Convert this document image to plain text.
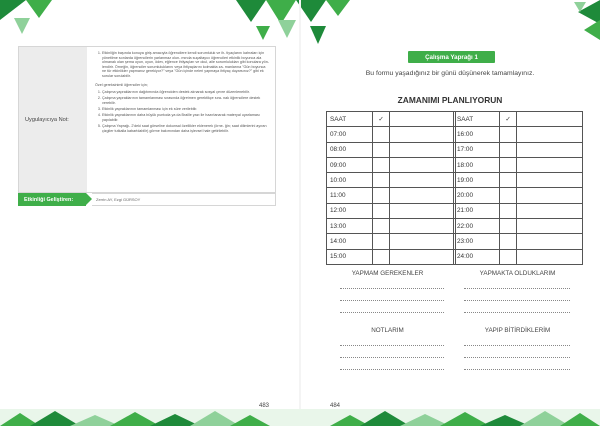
Uygulayıcıya Not:
1. Etkinliğin başında konuya giriş amacıyla öğrencilere kendi sorumluluk ve ih- tiyaçlarını kahraları için yönetilme sonlarda öğrencilerin yarlanmaz olun- mında suçaltayıcı öğrencileri etkinlik boyunca ala olmanak olan şema oyun, oyun, ödev, eğlence ihtiyaçları ve okul, aile sorumlulukları gibi konulara yön- lendirir. Örneğin, öğrenciler sorumluluklarını veya ihtiyaçlarını kolmakta za- manlarına "Gün boyunca ne tür etkinlikler yapmanız gerekiyor?" veya "Gün içinde neleri yapmaya ihtiyaç duyarsınız?" gibi ek sorular sorulabilir.
Özel gereksinimli öğrenciler için;
1. Çalışma yapraklarının dağıtımında öğrenciden destek alınarak sosyal çevre düzenlenebilir.
2. Çalışma yapraklarının tamamlanması sırasında öğretmen gerektikçe sıra- nak öğrencilere destek verebilir.
3. Etkinlik yapraklarının tamamlanması için ek süre verilebilir.
4. Etkinlik yapraklarının daha büyük puntoda ya da Braille yazı ile hazırlanarak materyal uyarlaması yapılabilir.
5. Çalışma Yaprağı- 2'deki saat görseline dokunsal özellikler eklenerek (örne- ğin; saat dilimlerini ayıran çizgiler tutkalla kabartılabilir) görme bakımından daha işlevsel hale getirilebilir.
Etkinliği Geliştiren:	Zerrin AY, Ezgi GÜRSOY
Çalışma Yaprağı 1
Bu formu yaşadığınız bir günü düşünerek tamamlayınız.
ZAMANIMI PLANLIYORUN
SAAT	✓	
07:00		
08:00		
09:00		
10:00		
11:00		
12:00		
13:00		
14:00		
15:00		
SAAT	✓	
16:00		
17:00		
18:00		
19:00		
20:00		
21:00		
22:00		
23:00		
24:00		
YAPMAM GEREKENLER	YAPMAKTA OLDUKLARIM
NOTLARIM	YAPIP BİTİRDİKLERİM
483	484
